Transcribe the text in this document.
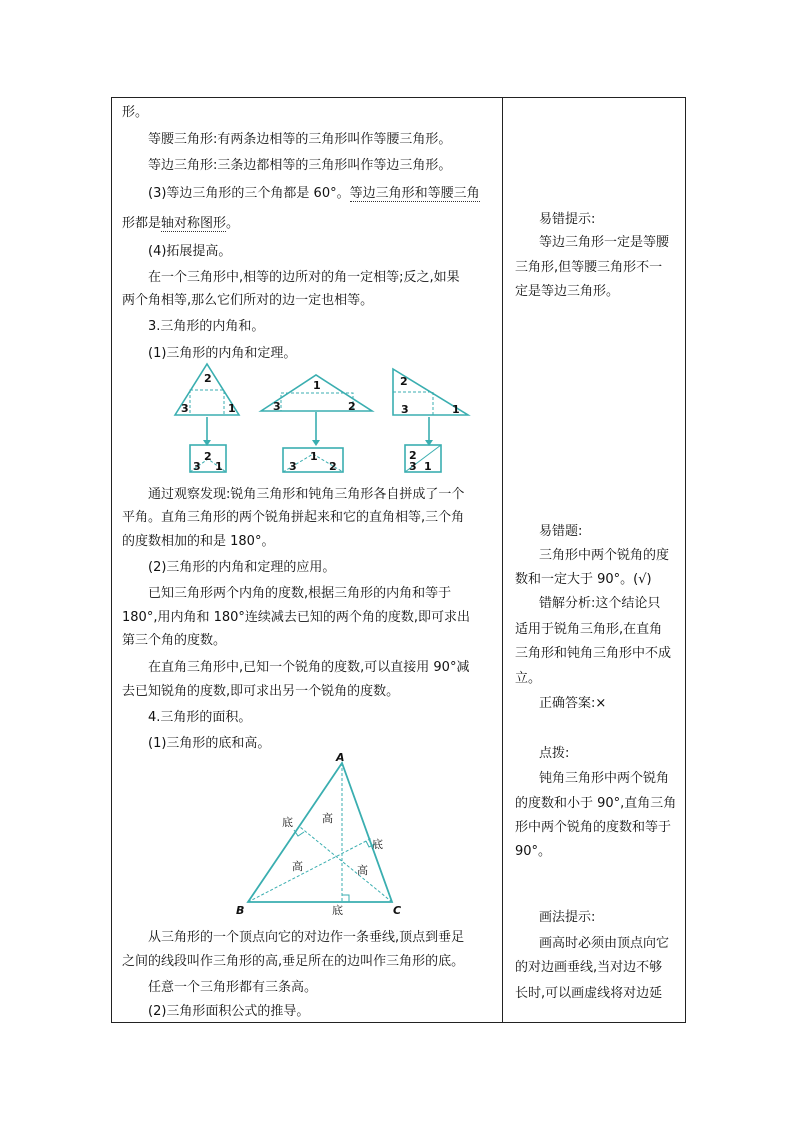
形。
等腰三角形:有两条边相等的三角形叫作等腰三角形。
等边三角形:三条边都相等的三角形叫作等边三角形。
(3)等边三角形的三个角都是 60°。等边三角形和等腰三角
形都是轴对称图形。
(4)拓展提高。
在一个三角形中,相等的边所对的角一定相等;反之,如果
两个角相等,那么它们所对的边一定也相等。
3.三角形的内角和。
(1)三角形的内角和定理。
2
3	1
1
3	2
2
3	1
2
3 1
1
3	2
2
3 1
通过观察发现:锐角三角形和钝角三角形各自拼成了一个
平角。直角三角形的两个锐角拼起来和它的直角相等,三个角
的度数相加的和是 180°。
(2)三角形的内角和定理的应用。
已知三角形两个内角的度数,根据三角形的内角和等于
180°,用内角和 180°连续减去已知的两个角的度数,即可求出
第三个角的度数。
在直角三角形中,已知一个锐角的度数,可以直接用 90°减
去已知锐角的度数,即可求出另一个锐角的度数。
4.三角形的面积。
(1)三角形的底和高。
A
B	C
底	高
底
高	高
底
从三角形的一个顶点向它的对边作一条垂线,顶点到垂足
之间的线段叫作三角形的高,垂足所在的边叫作三角形的底。
任意一个三角形都有三条高。
(2)三角形面积公式的推导。
易错提示:
等边三角形一定是等腰
三角形,但等腰三角形不一
定是等边三角形。
易错题:
三角形中两个锐角的度
数和一定大于 90°。(√)
错解分析:这个结论只
适用于锐角三角形,在直角
三角形和钝角三角形中不成
立。
正确答案:×
点拨:
钝角三角形中两个锐角
的度数和小于 90°,直角三角
形中两个锐角的度数和等于
90°。
画法提示:
画高时必须由顶点向它
的对边画垂线,当对边不够
长时,可以画虚线将对边延
